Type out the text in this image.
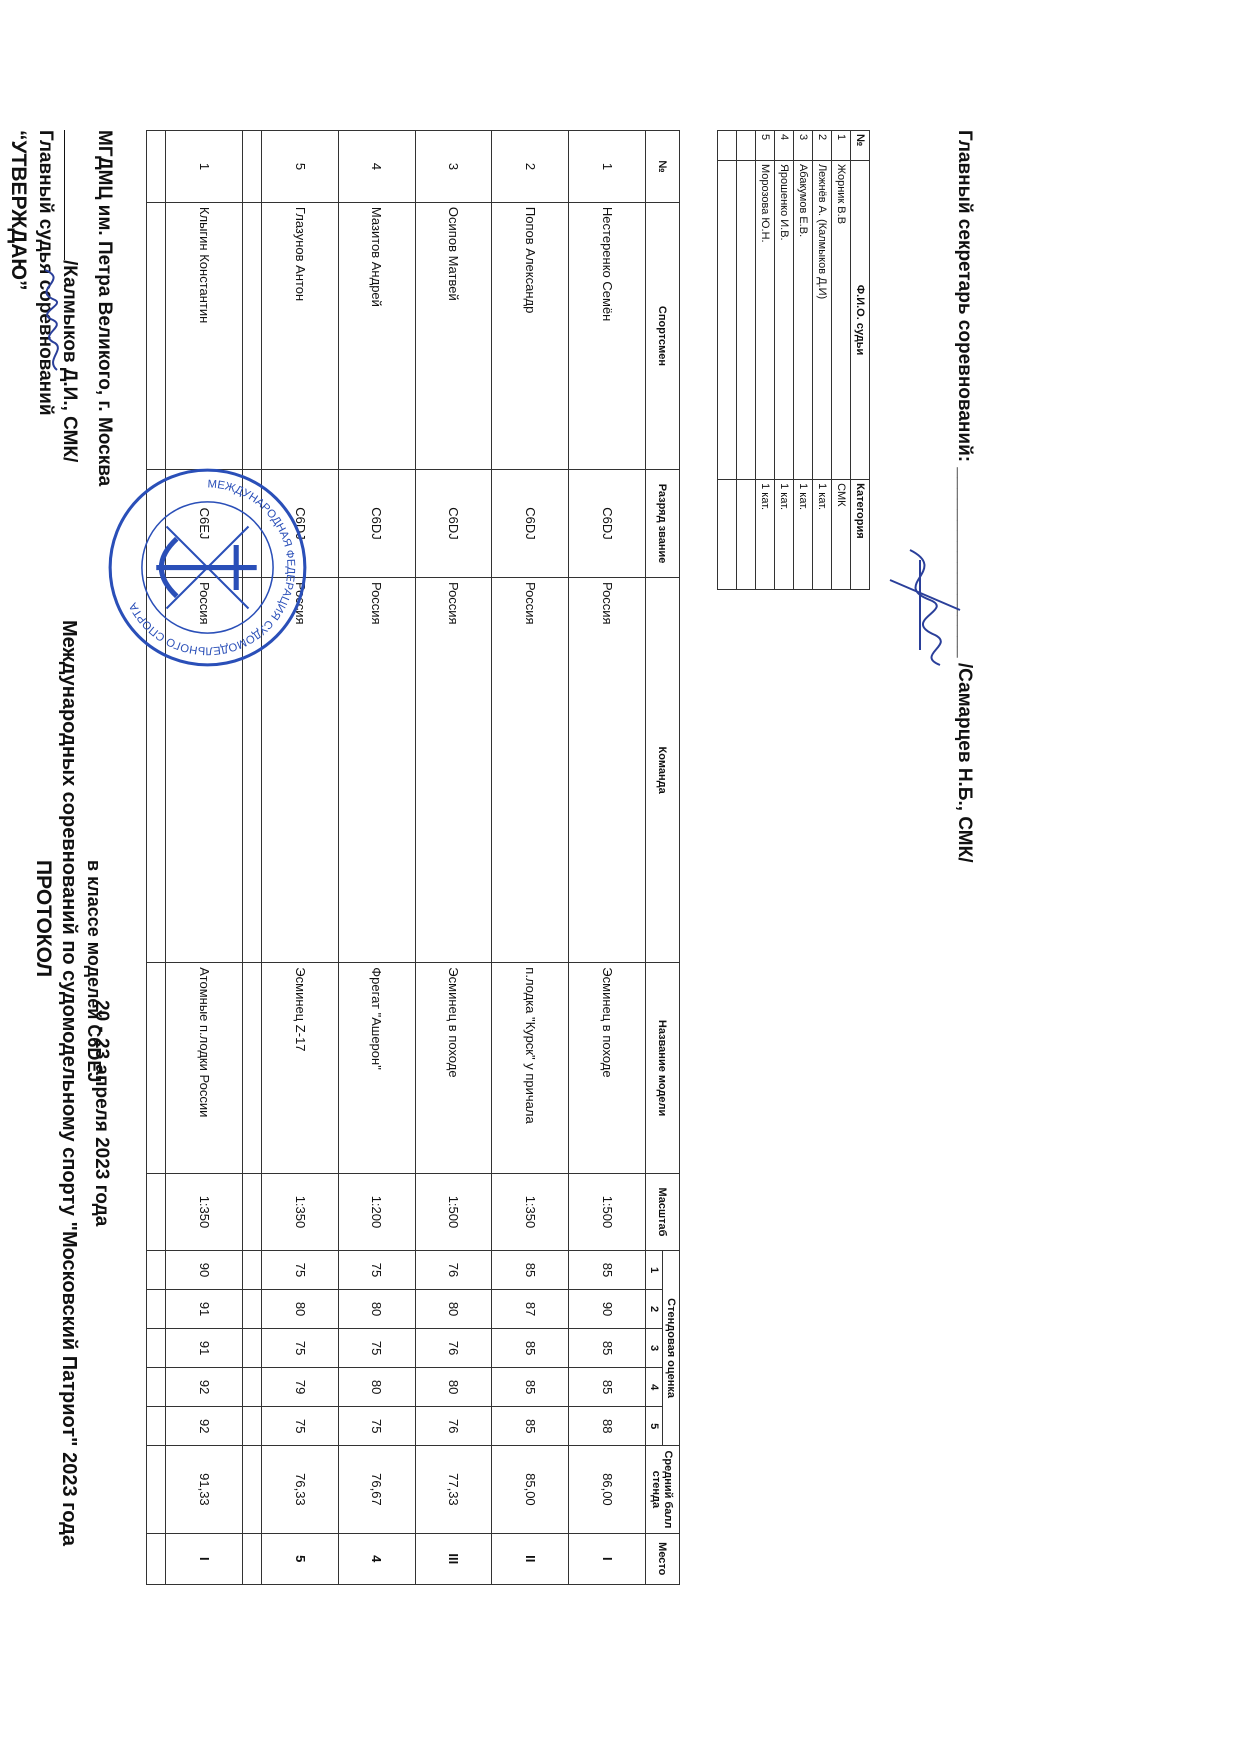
“УТВЕРЖДАЮ” Главный судья соревнований /Калмыков Д.И., СМК/ МГДМЦ им. Петра Великого, г. Москва
ПРОТОКОЛ Международных соревнований по судомодельному спорту "Московский Патриот" 2023 года в классе моделей С6DЕJ
20 - 23 апреля 2023 года
№	Спортсмен	Разряд звание	Команда	Название модели	Масштаб	Стендовая оценка					Средний балл стенда	Место
						1	2	3	4	5		
1	Нестеренко Семён	С6DJ	Россия	Эсминец в походе	1:500	85	90	85	85	88	86,00	I
2	Попов Александр	С6DJ	Россия	п.лодка "Курск" у причала	1:350	85	87	85	85	85	85,00	II
3	Осипов Матвей	С6DJ	Россия	Эсминец в походе	1:500	76	80	76	80	76	77,33	III
4	Мазитов Андрей	С6DJ	Россия	Фрегат "Ашерон"	1:200	75	80	75	80	75	76,67	4
5	Глазунов Антон	С6DJ	Россия	Эсминец Z-17	1:350	75	80	75	79	75	76,33	5

1	Клыгин Константин	С6ЕJ	Россия	Атомные п.лодки России	1:350	90	91	91	92	92	91,33	I

№	Ф.И.О. судьи	Категория
1	Жорник В.В	СМК
2	Лежнёв А. (Калмыков Д.И)	1 кат.
3	Абакумов Е.В.	1 кат.
4	Ярошенко И.В.	1 кат.
5	Морозова Ю.Н.	1 кат.

			Главный секретарь соревнований: __________________ /Самарцев Н.Б., СМК/
МЕЖДУНАРОДНАЯ ФЕДЕРАЦИЯ СУДОМОДЕЛЬНОГО СПОРТА
